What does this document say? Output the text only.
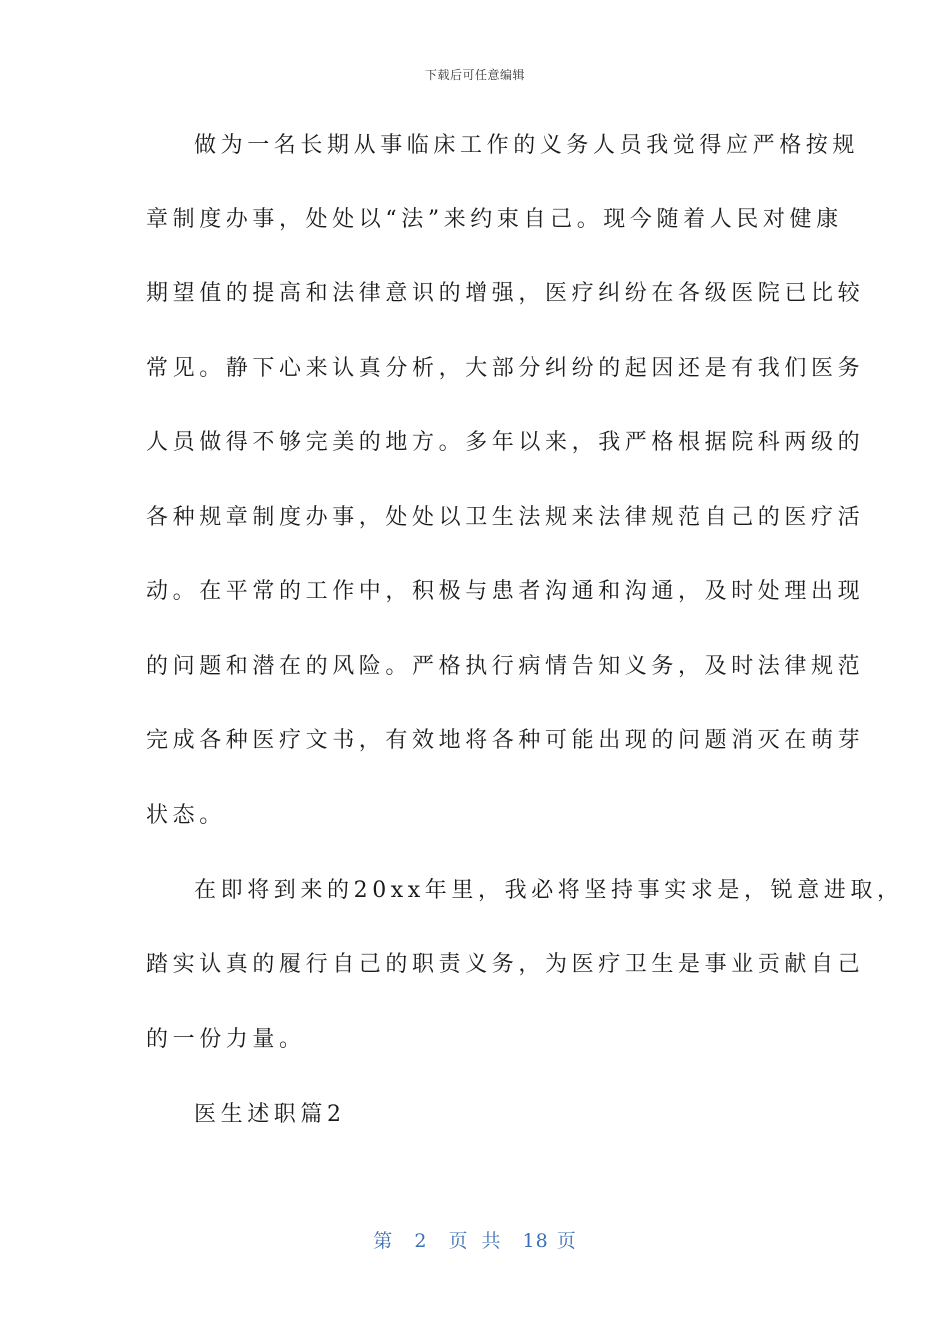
下载后可任意编辑
做为一名长期从事临床工作的义务人员我觉得应严格按规
章制度办事，处处以“法”来约束自己。现今随着人民对健康
期望值的提高和法律意识的增强，医疗纠纷在各级医院已比较
常见。静下心来认真分析，大部分纠纷的起因还是有我们医务
人员做得不够完美的地方。多年以来，我严格根据院科两级的
各种规章制度办事，处处以卫生法规来法律规范自己的医疗活
动。在平常的工作中，积极与患者沟通和沟通，及时处理出现
的问题和潜在的风险。严格执行病情告知义务，及时法律规范
完成各种医疗文书，有效地将各种可能出现的问题消灭在萌芽
状态。
在即将到来的20xx年里，我必将坚持事实求是，锐意进取，
踏实认真的履行自己的职责义务，为医疗卫生是事业贡献自己
的一份力量。
医生述职篇2
第 2 页 共 18 页
